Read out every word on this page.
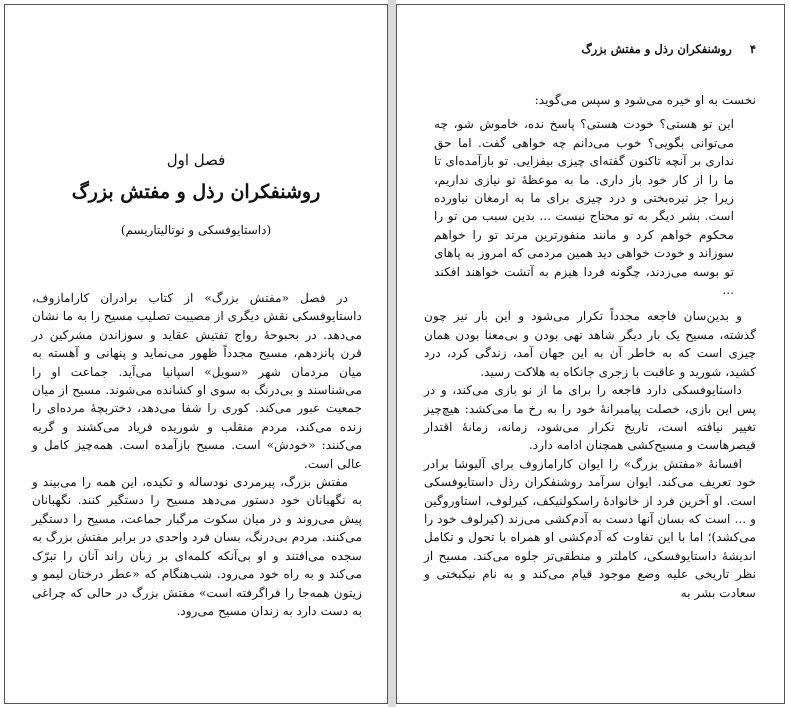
فصل اول
روشنفکران رذل و مفتش بزرگ
(داستایوفسکی و توتالیتاریسم)

در فصل «مفتش بزرگ» از کتاب برادران کارامازوف، داستایوفسکی نقش دیگری از مصیبت تصلیب مسیح را به ما نشان می‌دهد. در بحبوحهٔ رواج تفتیش عقاید و سوزاندن مشرکین در قرن پانزدهم، مسیح مجدداً ظهور می‌نماید و پنهانی و آهسته به میان مردمان شهر «سویل» اسپانیا می‌آید. جماعت او را می‌شناسند و بی‌درنگ به سوی او کشانده می‌شوند. مسیح از میان جمعیت عبور می‌کند. کوری را شفا می‌دهد، دختربچهٔ مرده‌ای را زنده می‌کند، مردم منقلب و شوریده فریاد می‌کشند و گریه می‌کنند: «خودش» است. مسیح بازآمده است. همه‌چیز کامل و عالی است.

مفتش بزرگ، پیرمردی نودساله و تکیده، این همه را می‌بیند و به نگهبانان خود دستور می‌دهد مسیح را دستگیر کنند. نگهبانان پیش می‌روند و در میان سکوت مرگبار جماعت، مسیح را دستگیر می‌کنند. مردم بی‌درنگ، بسان فرد واحدی در برابر مفتش بزرگ به سجده می‌افتند و او بی‌آنکه کلمه‌ای بر زبان راند آنان را تبرّک می‌کند و به راه خود می‌رود. شب‌هنگام که «عطر درختان لیمو و زیتون همه‌جا را فراگرفته است» مفتش بزرگ در حالی که چراغی به دست دارد به زندان مسیح می‌رود.

۴ روشنفکران رذل و مفتش بزرگ

نخست به او خیره می‌شود و سپس می‌گوید:

این تو هستی؟ خودت هستی؟ پاسخ نده، خاموش شو، چه می‌توانی بگویی؟ خوب می‌دانم چه خواهی گفت. اما حق نداری بر آنچه تاکنون گفته‌ای چیزی بیفزایی. تو بازآمده‌ای تا ما را از کار خود باز داری. ما به موعظهٔ تو نیازی نداریم، زیرا جز تیره‌بختی و درد چیزی برای ما به ارمغان نیاورده است. بشر دیگر به تو محتاج نیست ... بدین سبب من تو را محکوم خواهم کرد و مانند منفورترین مرتد تو را خواهم سوزاند و خودت خواهی دید همین مردمی که امروز به پاهای تو بوسه می‌زدند، چگونه فردا هیزم به آتشت خواهند افکند ...

و بدین‌سان فاجعه مجدداً تکرار می‌شود و این بار نیز چون گذشته، مسیح یک بار دیگر شاهد تهی بودن و بی‌معنا بودن همان چیزی است که به خاطر آن به این جهان آمد، زندگی کرد، درد کشید، شورید و عاقبت با زجری جانکاه به هلاکت رسید.

داستایوفسکی دارد فاجعه را برای ما از نو بازی می‌کند، و در پس این بازی، خصلت پیامبرانهٔ خود را به رخ ما می‌کشد: هیچ‌چیز تغییر نیافته است، تاریخ تکرار می‌شود، زمانه، زمانهٔ اقتدار قیصرهاست و مسیح‌کشی همچنان ادامه دارد.

افسانهٔ «مفتش بزرگ» را ایوان کارامازوف برای آلیوشا برادر خود تعریف می‌کند. ایوان سرآمد روشنفکران رذل داستایوفسکی است. او آخرین فرد از خانوادهٔ راسکولنیکف، کیرلوف، استاوروگین و ... است که بسان آنها دست به آدم‌کشی می‌زند (کیرلوف خود را می‌کشد)؛ اما با این تفاوت که آدم‌کشی او همراه با تحول و تکامل اندیشهٔ داستایوفسکی، کاملتر و منطقی‌تر جلوه می‌کند. مسیح از نظر تاریخی علیه وضع موجود قیام می‌کند و به نام نیکبختی و سعادت بشر به
